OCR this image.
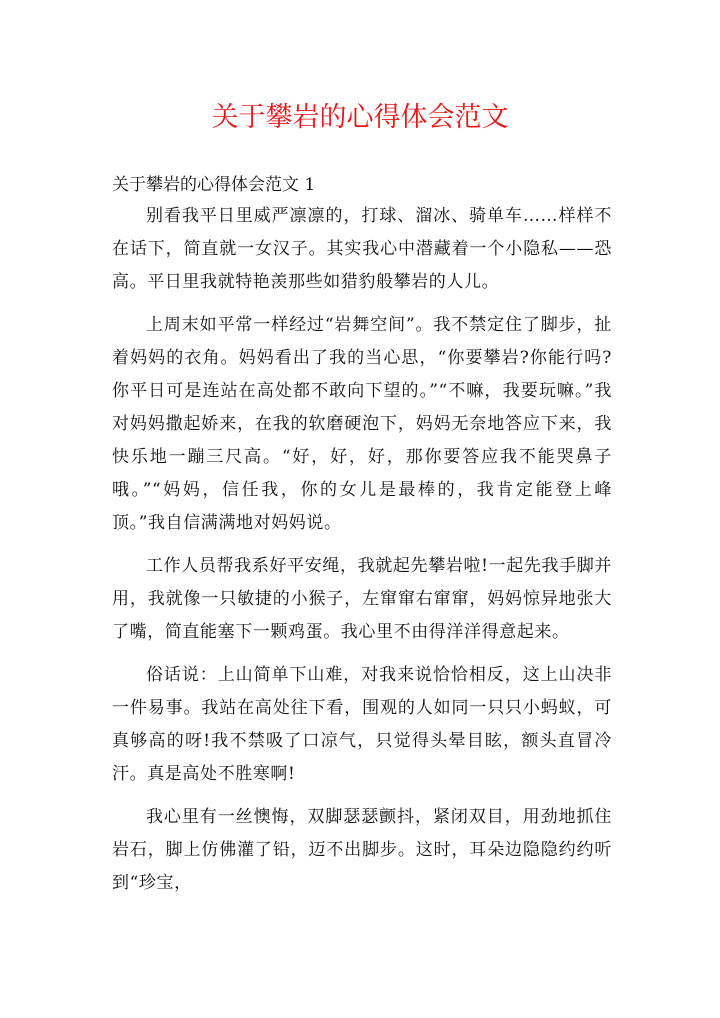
关于攀岩的心得体会范文
关于攀岩的心得体会范文 1

别看我平日里威严凛凛的，打球、溜冰、骑单车……样样不在话下，简直就一女汉子。其实我心中潜藏着一个小隐私——恐高。平日里我就特艳羡那些如猎豹般攀岩的人儿。

上周末如平常一样经过“岩舞空间”。我不禁定住了脚步，扯着妈妈的衣角。妈妈看出了我的当心思，“你要攀岩?你能行吗?你平日可是连站在高处都不敢向下望的。”“不嘛，我要玩嘛。”我对妈妈撒起娇来，在我的软磨硬泡下，妈妈无奈地答应下来，我快乐地一蹦三尺高。“好，好，好，那你要答应我不能哭鼻子哦。”“妈妈，信任我，你的女儿是最棒的，我肯定能登上峰顶。”我自信满满地对妈妈说。

工作人员帮我系好平安绳，我就起先攀岩啦!一起先我手脚并用，我就像一只敏捷的小猴子，左窜窜右窜窜，妈妈惊异地张大了嘴，简直能塞下一颗鸡蛋。我心里不由得洋洋得意起来。

俗话说：上山简单下山难，对我来说恰恰相反，这上山决非一件易事。我站在高处往下看，围观的人如同一只只小蚂蚁，可真够高的呀!我不禁吸了口凉气，只觉得头晕目眩，额头直冒冷汗。真是高处不胜寒啊!

我心里有一丝懊悔，双脚瑟瑟颤抖，紧闭双目，用劲地抓住岩石，脚上仿佛灌了铅，迈不出脚步。这时，耳朵边隐隐约约听到“珍宝，
